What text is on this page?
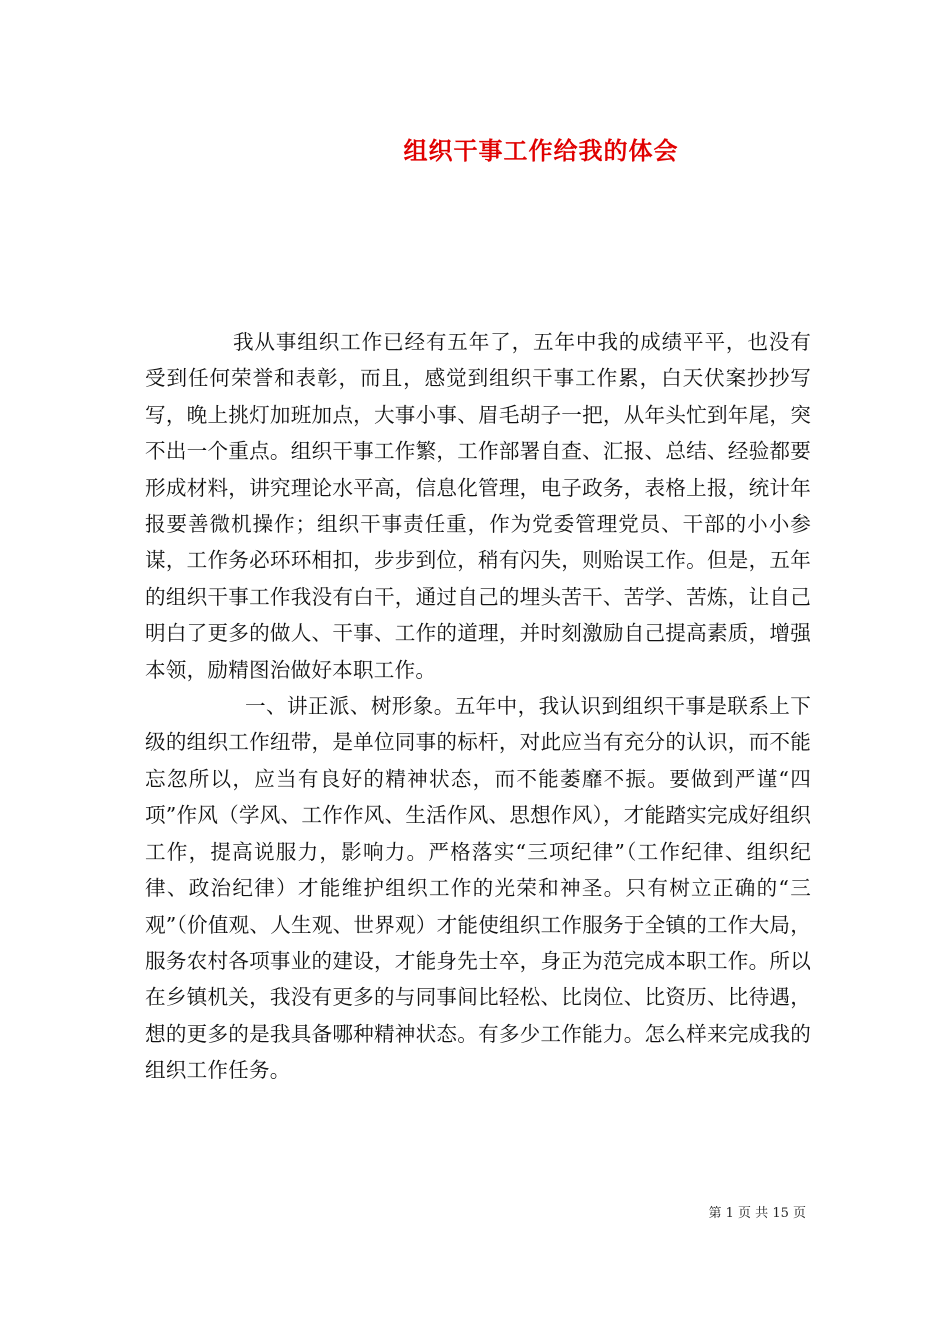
组织干事工作给我的体会

我从事组织工作已经有五年了，五年中我的成绩平平，也没有受到任何荣誉和表彰，而且，感觉到组织干事工作累，白天伏案抄抄写写，晚上挑灯加班加点，大事小事、眉毛胡子一把，从年头忙到年尾，突不出一个重点。组织干事工作繁，工作部署自查、汇报、总结、经验都要形成材料，讲究理论水平高，信息化管理，电子政务，表格上报，统计年报要善微机操作；组织干事责任重，作为党委管理党员、干部的小小参谋，工作务必环环相扣，步步到位，稍有闪失，则贻误工作。但是，五年的组织干事工作我没有白干，通过自己的埋头苦干、苦学、苦炼，让自己明白了更多的做人、干事、工作的道理，并时刻激励自己提高素质，增强本领，励精图治做好本职工作。

一、讲正派、树形象。五年中，我认识到组织干事是联系上下级的组织工作纽带，是单位同事的标杆，对此应当有充分的认识，而不能忘忽所以，应当有良好的精神状态，而不能萎靡不振。要做到严谨“四项”作风（学风、工作作风、生活作风、思想作风），才能踏实完成好组织工作，提高说服力，影响力。严格落实“三项纪律”（工作纪律、组织纪律、政治纪律）才能维护组织工作的光荣和神圣。只有树立正确的“三观”（价值观、人生观、世界观）才能使组织工作服务于全镇的工作大局，服务农村各项事业的建设，才能身先士卒，身正为范完成本职工作。所以在乡镇机关，我没有更多的与同事间比轻松、比岗位、比资历、比待遇，想的更多的是我具备哪种精神状态。有多少工作能力。怎么样来完成我的组织工作任务。

第 1 页 共 15 页
